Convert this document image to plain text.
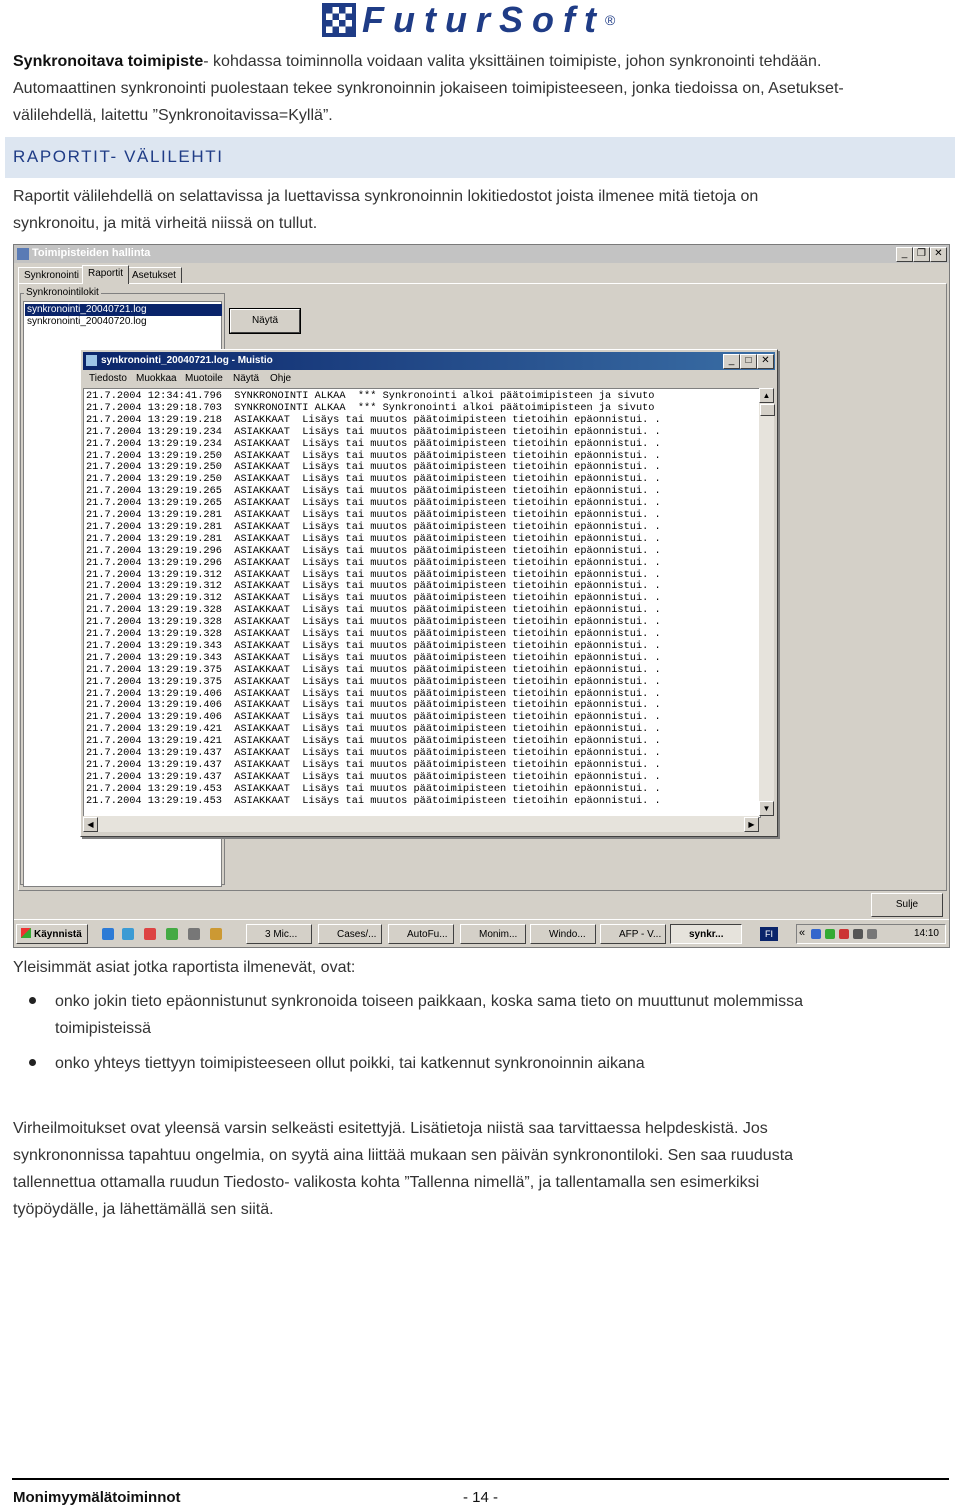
FuturSoft ®
Synkronoitava toimipiste- kohdassa toiminnolla voidaan valita yksittäinen toimipiste, johon synkronointi tehdään.
Automaattinen synkronointi puolestaan tekee synkronoinnin jokaiseen toimipisteeseen, jonka tiedoissa on, Asetukset-
välilehdellä, laitettu ”Synkronoitavissa=Kyllä”.
RAPORTIT- VÄLILEHTI
Raportit välilehdellä on selattavissa ja luettavissa synkronoinnin lokitiedostot joista ilmenee mitä tietoja on
synkronoitu, ja mitä virheitä niissä on tullut.
Toimipisteiden hallinta	_ ❐ ✕
Synkronointi Raportit Asetukset
Synkronointilokit
synkronointi_20040721.log
synkronointi_20040720.log	Näytä
synkronointi_20040721.log - Muistio	_	□ ✕
Tiedosto Muokkaa Muotoile Näytä Ohje
21.7.2004 12:34:41.796  SYNKRONOINTI ALKAA  *** Synkronointi alkoi päätoimipisteen ja sivuto
21.7.2004 13:29:18.703  SYNKRONOINTI ALKAA  *** Synkronointi alkoi päätoimipisteen ja sivuto
21.7.2004 13:29:19.218  ASIAKKAAT  Lisäys tai muutos päätoimipisteen tietoihin epäonnistui. .
21.7.2004 13:29:19.234  ASIAKKAAT  Lisäys tai muutos päätoimipisteen tietoihin epäonnistui. .
21.7.2004 13:29:19.234  ASIAKKAAT  Lisäys tai muutos päätoimipisteen tietoihin epäonnistui. .
21.7.2004 13:29:19.250  ASIAKKAAT  Lisäys tai muutos päätoimipisteen tietoihin epäonnistui. .
21.7.2004 13:29:19.250  ASIAKKAAT  Lisäys tai muutos päätoimipisteen tietoihin epäonnistui. .
21.7.2004 13:29:19.250  ASIAKKAAT  Lisäys tai muutos päätoimipisteen tietoihin epäonnistui. .
21.7.2004 13:29:19.265  ASIAKKAAT  Lisäys tai muutos päätoimipisteen tietoihin epäonnistui. .
21.7.2004 13:29:19.265  ASIAKKAAT  Lisäys tai muutos päätoimipisteen tietoihin epäonnistui. .
21.7.2004 13:29:19.281  ASIAKKAAT  Lisäys tai muutos päätoimipisteen tietoihin epäonnistui. .
21.7.2004 13:29:19.281  ASIAKKAAT  Lisäys tai muutos päätoimipisteen tietoihin epäonnistui. .
21.7.2004 13:29:19.281  ASIAKKAAT  Lisäys tai muutos päätoimipisteen tietoihin epäonnistui. .
21.7.2004 13:29:19.296  ASIAKKAAT  Lisäys tai muutos päätoimipisteen tietoihin epäonnistui. .
21.7.2004 13:29:19.296  ASIAKKAAT  Lisäys tai muutos päätoimipisteen tietoihin epäonnistui. .
21.7.2004 13:29:19.312  ASIAKKAAT  Lisäys tai muutos päätoimipisteen tietoihin epäonnistui. .
21.7.2004 13:29:19.312  ASIAKKAAT  Lisäys tai muutos päätoimipisteen tietoihin epäonnistui. .
21.7.2004 13:29:19.312  ASIAKKAAT  Lisäys tai muutos päätoimipisteen tietoihin epäonnistui. .
21.7.2004 13:29:19.328  ASIAKKAAT  Lisäys tai muutos päätoimipisteen tietoihin epäonnistui. .
21.7.2004 13:29:19.328  ASIAKKAAT  Lisäys tai muutos päätoimipisteen tietoihin epäonnistui. .
21.7.2004 13:29:19.328  ASIAKKAAT  Lisäys tai muutos päätoimipisteen tietoihin epäonnistui. .
21.7.2004 13:29:19.343  ASIAKKAAT  Lisäys tai muutos päätoimipisteen tietoihin epäonnistui. .
21.7.2004 13:29:19.343  ASIAKKAAT  Lisäys tai muutos päätoimipisteen tietoihin epäonnistui. .
21.7.2004 13:29:19.375  ASIAKKAAT  Lisäys tai muutos päätoimipisteen tietoihin epäonnistui. .
21.7.2004 13:29:19.375  ASIAKKAAT  Lisäys tai muutos päätoimipisteen tietoihin epäonnistui. .
21.7.2004 13:29:19.406  ASIAKKAAT  Lisäys tai muutos päätoimipisteen tietoihin epäonnistui. .
21.7.2004 13:29:19.406  ASIAKKAAT  Lisäys tai muutos päätoimipisteen tietoihin epäonnistui. .
21.7.2004 13:29:19.406  ASIAKKAAT  Lisäys tai muutos päätoimipisteen tietoihin epäonnistui. .
21.7.2004 13:29:19.421  ASIAKKAAT  Lisäys tai muutos päätoimipisteen tietoihin epäonnistui. .
21.7.2004 13:29:19.421  ASIAKKAAT  Lisäys tai muutos päätoimipisteen tietoihin epäonnistui. .
21.7.2004 13:29:19.437  ASIAKKAAT  Lisäys tai muutos päätoimipisteen tietoihin epäonnistui. .
21.7.2004 13:29:19.437  ASIAKKAAT  Lisäys tai muutos päätoimipisteen tietoihin epäonnistui. .
21.7.2004 13:29:19.437  ASIAKKAAT  Lisäys tai muutos päätoimipisteen tietoihin epäonnistui. .
21.7.2004 13:29:19.453  ASIAKKAAT  Lisäys tai muutos päätoimipisteen tietoihin epäonnistui. .
21.7.2004 13:29:19.453  ASIAKKAAT  Lisäys tai muutos päätoimipisteen tietoihin epäonnistui. .
▲
▼
◀	▶
Sulje
Käynnistä	3 Mic...	Cases/...	AutoFu...	Monim...	Windo...	AFP - V...	synkr...	FI	«	14:10
Yleisimmät asiat jotka raportista ilmenevät, ovat:
onko jokin tieto epäonnistunut synkronoida toiseen paikkaan, koska sama tieto on muuttunut molemmissa
toimipisteissä
onko yhteys tiettyyn toimipisteeseen ollut poikki, tai katkennut synkronoinnin aikana
Virheilmoitukset ovat yleensä varsin selkeästi esitettyjä. Lisätietoja niistä saa tarvittaessa helpdeskistä. Jos
synkrononnissa tapahtuu ongelmia, on syytä aina liittää mukaan sen päivän synkronontiloki. Sen saa ruudusta
tallennettua ottamalla ruudun Tiedosto- valikosta kohta ”Tallenna nimellä”, ja tallentamalla sen esimerkiksi
työpöydälle, ja lähettämällä sen siitä.
Monimyymälätoiminnot	- 14 -
